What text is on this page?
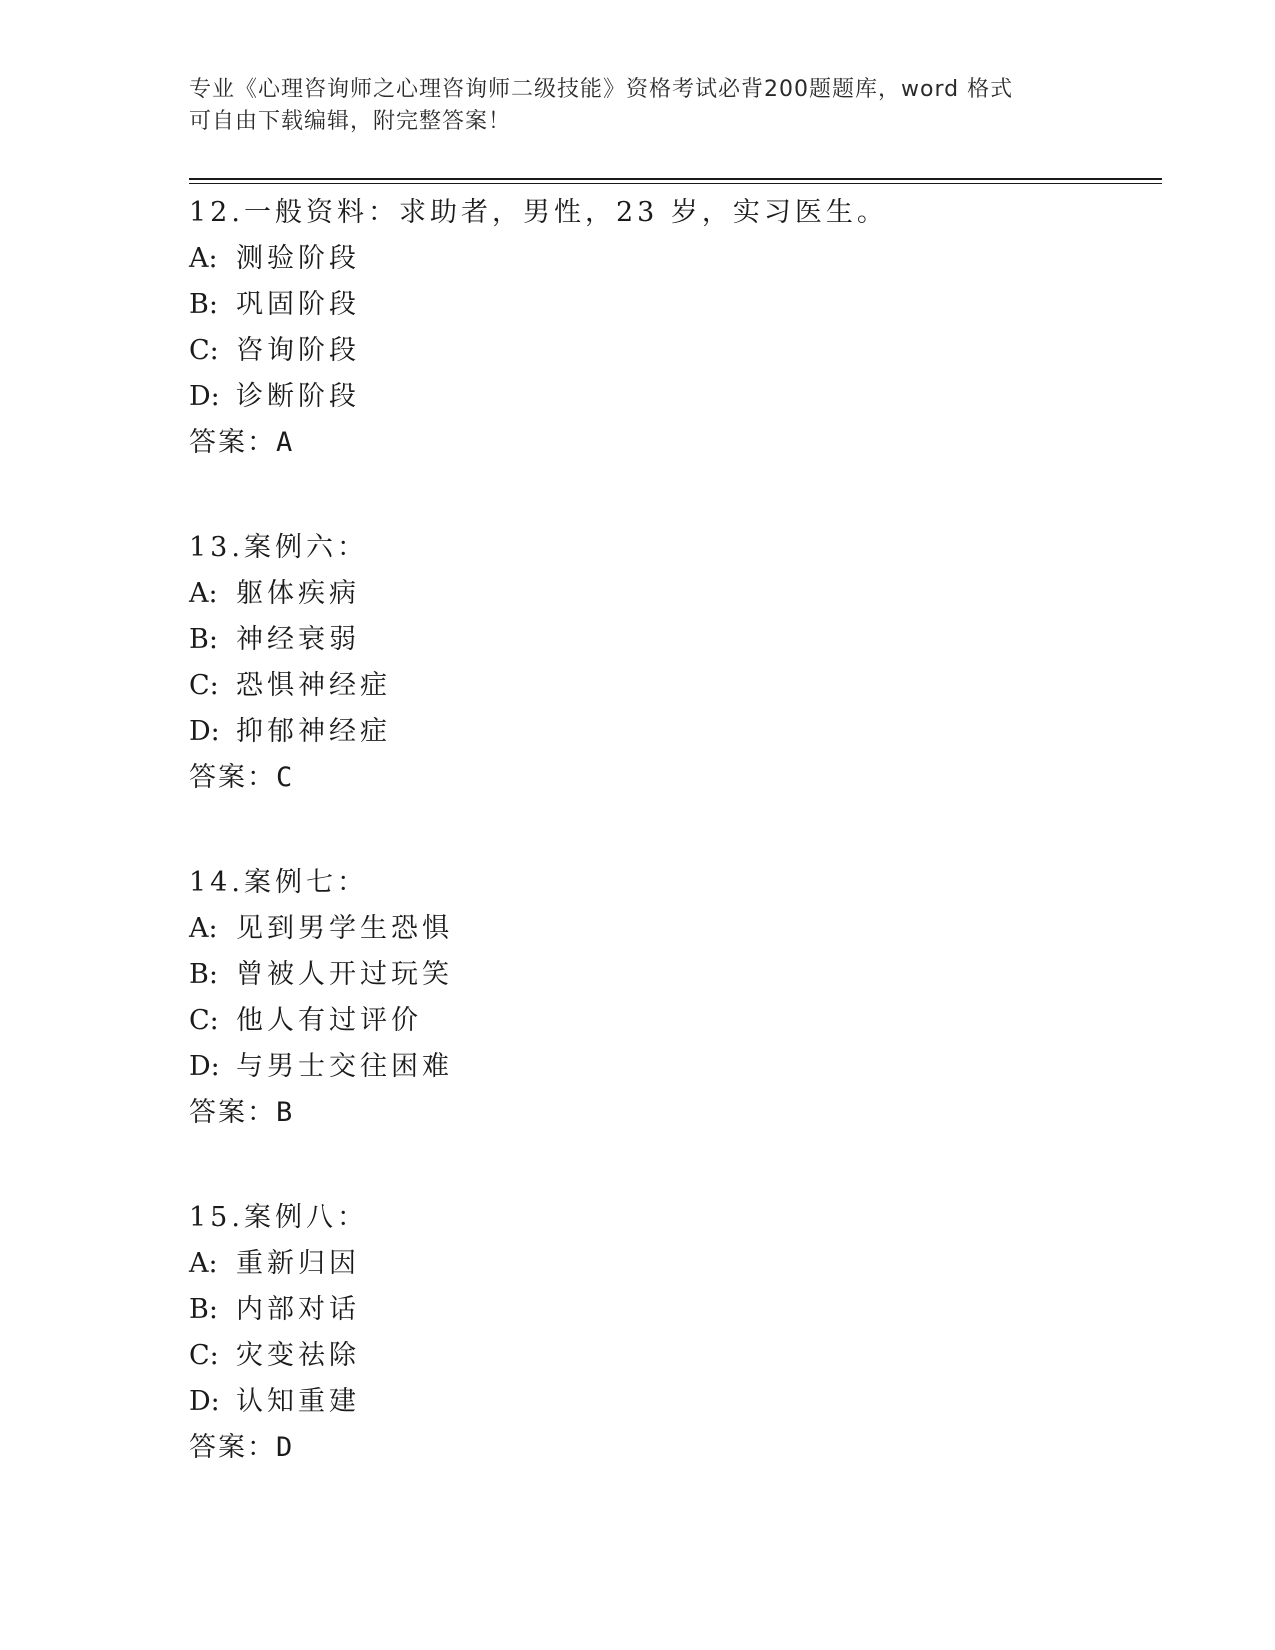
专业《心理咨询师之心理咨询师二级技能》资格考试必背200题题库，word 格式
可自由下载编辑，附完整答案！
12.一般资料：求助者，男性，23 岁，实习医生。
A: 测验阶段
B: 巩固阶段
C: 咨询阶段
D: 诊断阶段
答案：A
13.案例六：
A: 躯体疾病
B: 神经衰弱
C: 恐惧神经症
D: 抑郁神经症
答案：C
14.案例七：
A: 见到男学生恐惧
B: 曾被人开过玩笑
C: 他人有过评价
D: 与男士交往困难
答案：B
15.案例八：
A: 重新归因
B: 内部对话
C: 灾变祛除
D: 认知重建
答案：D
